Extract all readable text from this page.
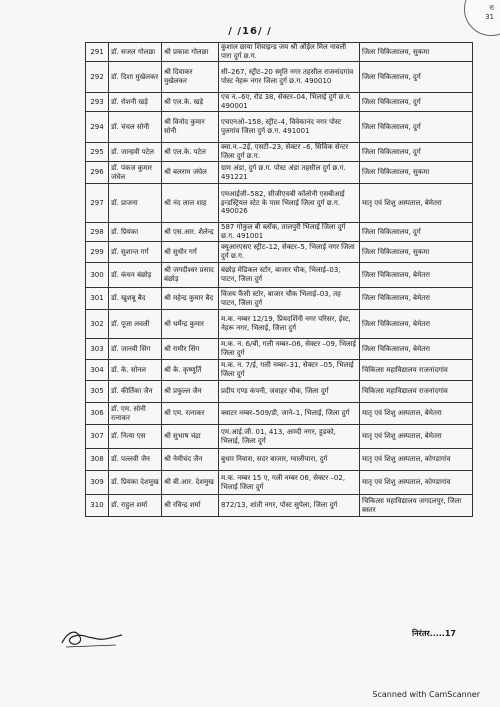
रा
31
/ /16/ /
291	डॉ. सजल गोलछा	श्री प्रकाश गोलछा	कुशाल छाया शिवाइन्ड जय श्री ऑईल मिल नावली पारा दुर्ग छ.ग.	जिला चिकित्सालय, सुकमा
292	डॉ. दिशा मुखेलकर	श्री दिवाकर मुखेलकर	सी–267, स्ट्रीट–20 स्मृति नगर तहसील राजनांदगांव पोस्ट नेहरू नगर जिला दुर्ग छ.ग. 490010	जिला चिकित्सालय, दुर्ग
293	डॉ. रोशनी खड़े	श्री एल.के. खड़े	एच न.–6ए, रोड 38, सेक्टर–04, भिलाई दुर्ग छ.ग. 490001	जिला चिकित्सालय, दुर्ग
294	डॉ. चंचल सोनी	श्री विनोद कुमार सोनी	एचएनओ–158, स्ट्रीट–4, विवेकानंद नगर पोस्ट पुलगांव जिला दुर्ग छ.ग. 491001	जिला चिकित्सालय, दुर्ग
295	डॉ. जान्हवी पटेल	श्री एल.के. पटेल	क्वा.न.–2ई, एसटी–23, सेक्टर –6, सिविक सेन्टर जिला दुर्ग छ.ग.	जिला चिकित्सालय, दुर्ग
296	डॉ. पंकज कुमार जंघेल	श्री बलराम जंघेल	ग्राम अंडा, दुर्ग छ.ग. पोस्ट अंडा तहसील दुर्ग छ.ग. 491221	जिला चिकित्सालय, सुकमा
297	डॉ. प्राजना	श्री नंद लाल शाह	एमआईजी–582, सीजीएचबी कॉलोनी एसबीआई इन्डस्ट्रियल स्टेट के पास भिलाई जिला दुर्ग छ.ग. 490026	मातृ एवं शिशु अस्पताल, बेमेतरा
298	डॉ. प्रियंका	श्री एस.आर. शैलेन्द्र	587 गोकुल बी ब्लॉक, तालपुरी भिलाई जिला दुर्ग छ.ग. 491001	जिला चिकित्सालय, दुर्ग
299	डॉ. सुशान्त गर्ग	श्री सुधीर गर्ग	क्यूआरएसए स्ट्रीट–12, सेक्टर–5, भिलाई नगर जिला दुर्ग छ.ग.	जिला चिकित्सालय, सुकमा
300	डॉ. कंचन बंछोड़	श्री जगदीश्वर प्रसाद बंछोड़	बंछोड़ मेडिकल स्टोर, बाजार चौक, भिलाई–03, पाटन, जिला दुर्ग	जिला चिकित्सालय, बेमेतरा
301	डॉ. खुशबू बैद	श्री महेन्द्र कुमार बैद	विजय फैंसी स्टोर, बाजार चौक भिलाई–03, तह पाटन, जिला दुर्ग	जिला चिकित्सालय, बेमेतरा
302	डॉ. पूजा लवली	श्री धर्मेन्द्र कुमार	म.क. नम्बर 12/19, प्रियदर्शिनी नगर परिसर, ईस्ट, नेहरू नगर, भिलाई, जिला दुर्ग	जिला चिकित्सालय, बेमेतरा
303	डॉ. जानवी सिंग	श्री रामीर सिंग	म.क. न. 6/बी, गली नम्बर–06, सेक्टर –09, भिलाई जिला दुर्ग	जिला चिकित्सालय, बेमेतरा
304	डॉ. के. सोनल	श्री के. कृष्णूर्ति	म.क. न. 7/ई, गली नम्बर–31, सेक्टर –05, भिलाई जिला दुर्ग	चिकित्सा महाविद्यालय राजनांदगांव
305	डॉ. कीर्तिका जैन	श्री प्रफुल्ल जैन	प्रदीप एण्ड कंपनी, जवाहर चौक, जिला दुर्ग	चिकित्सा महाविद्यालय राजनांदगांव
306	डॉ. एम. सोनी रत्नाकर	श्री एम. रत्नाकर	क्वाटर नम्बर–509/डी, जाने–1, भिलाई, जिला दुर्ग	मातृ एवं शिशु अस्पताल, बेमेतरा
307	डॉ. नित्या एस	श्री सुभाष चंद्रा	एम.आई.जी. 01, 413, आम्दी नगर, हुडको, भिलाई, जिला दुर्ग	मातृ एवं शिशु अस्पताल, बेमेतरा
308	डॉ. पल्लवी जैन	श्री नेमीचंद जैन	बुधार निवास, सदर बाजार, ग्वालीपारा, दुर्ग	मातृ एवं शिशु अस्पताल, कोण्डागांव
309	डॉ. प्रियंका देशमुख	श्री बी.आर. देशमुख	म.क. नम्बर 15 ए, गली नम्बर 06, सेक्टर –02, भिलाई जिला दुर्ग	मातृ एवं शिशु अस्पताल, कोण्डागांव
310	डॉ. राहुल शर्मा	श्री रविन्द्र शर्मा	872/13, शांती नगर, पोस्ट सुपेला, जिला दुर्ग	चिकित्सा महाविद्यालय जगदलपुर, जिला बस्तर
निरंतर.....17
Scanned with CamScanner
